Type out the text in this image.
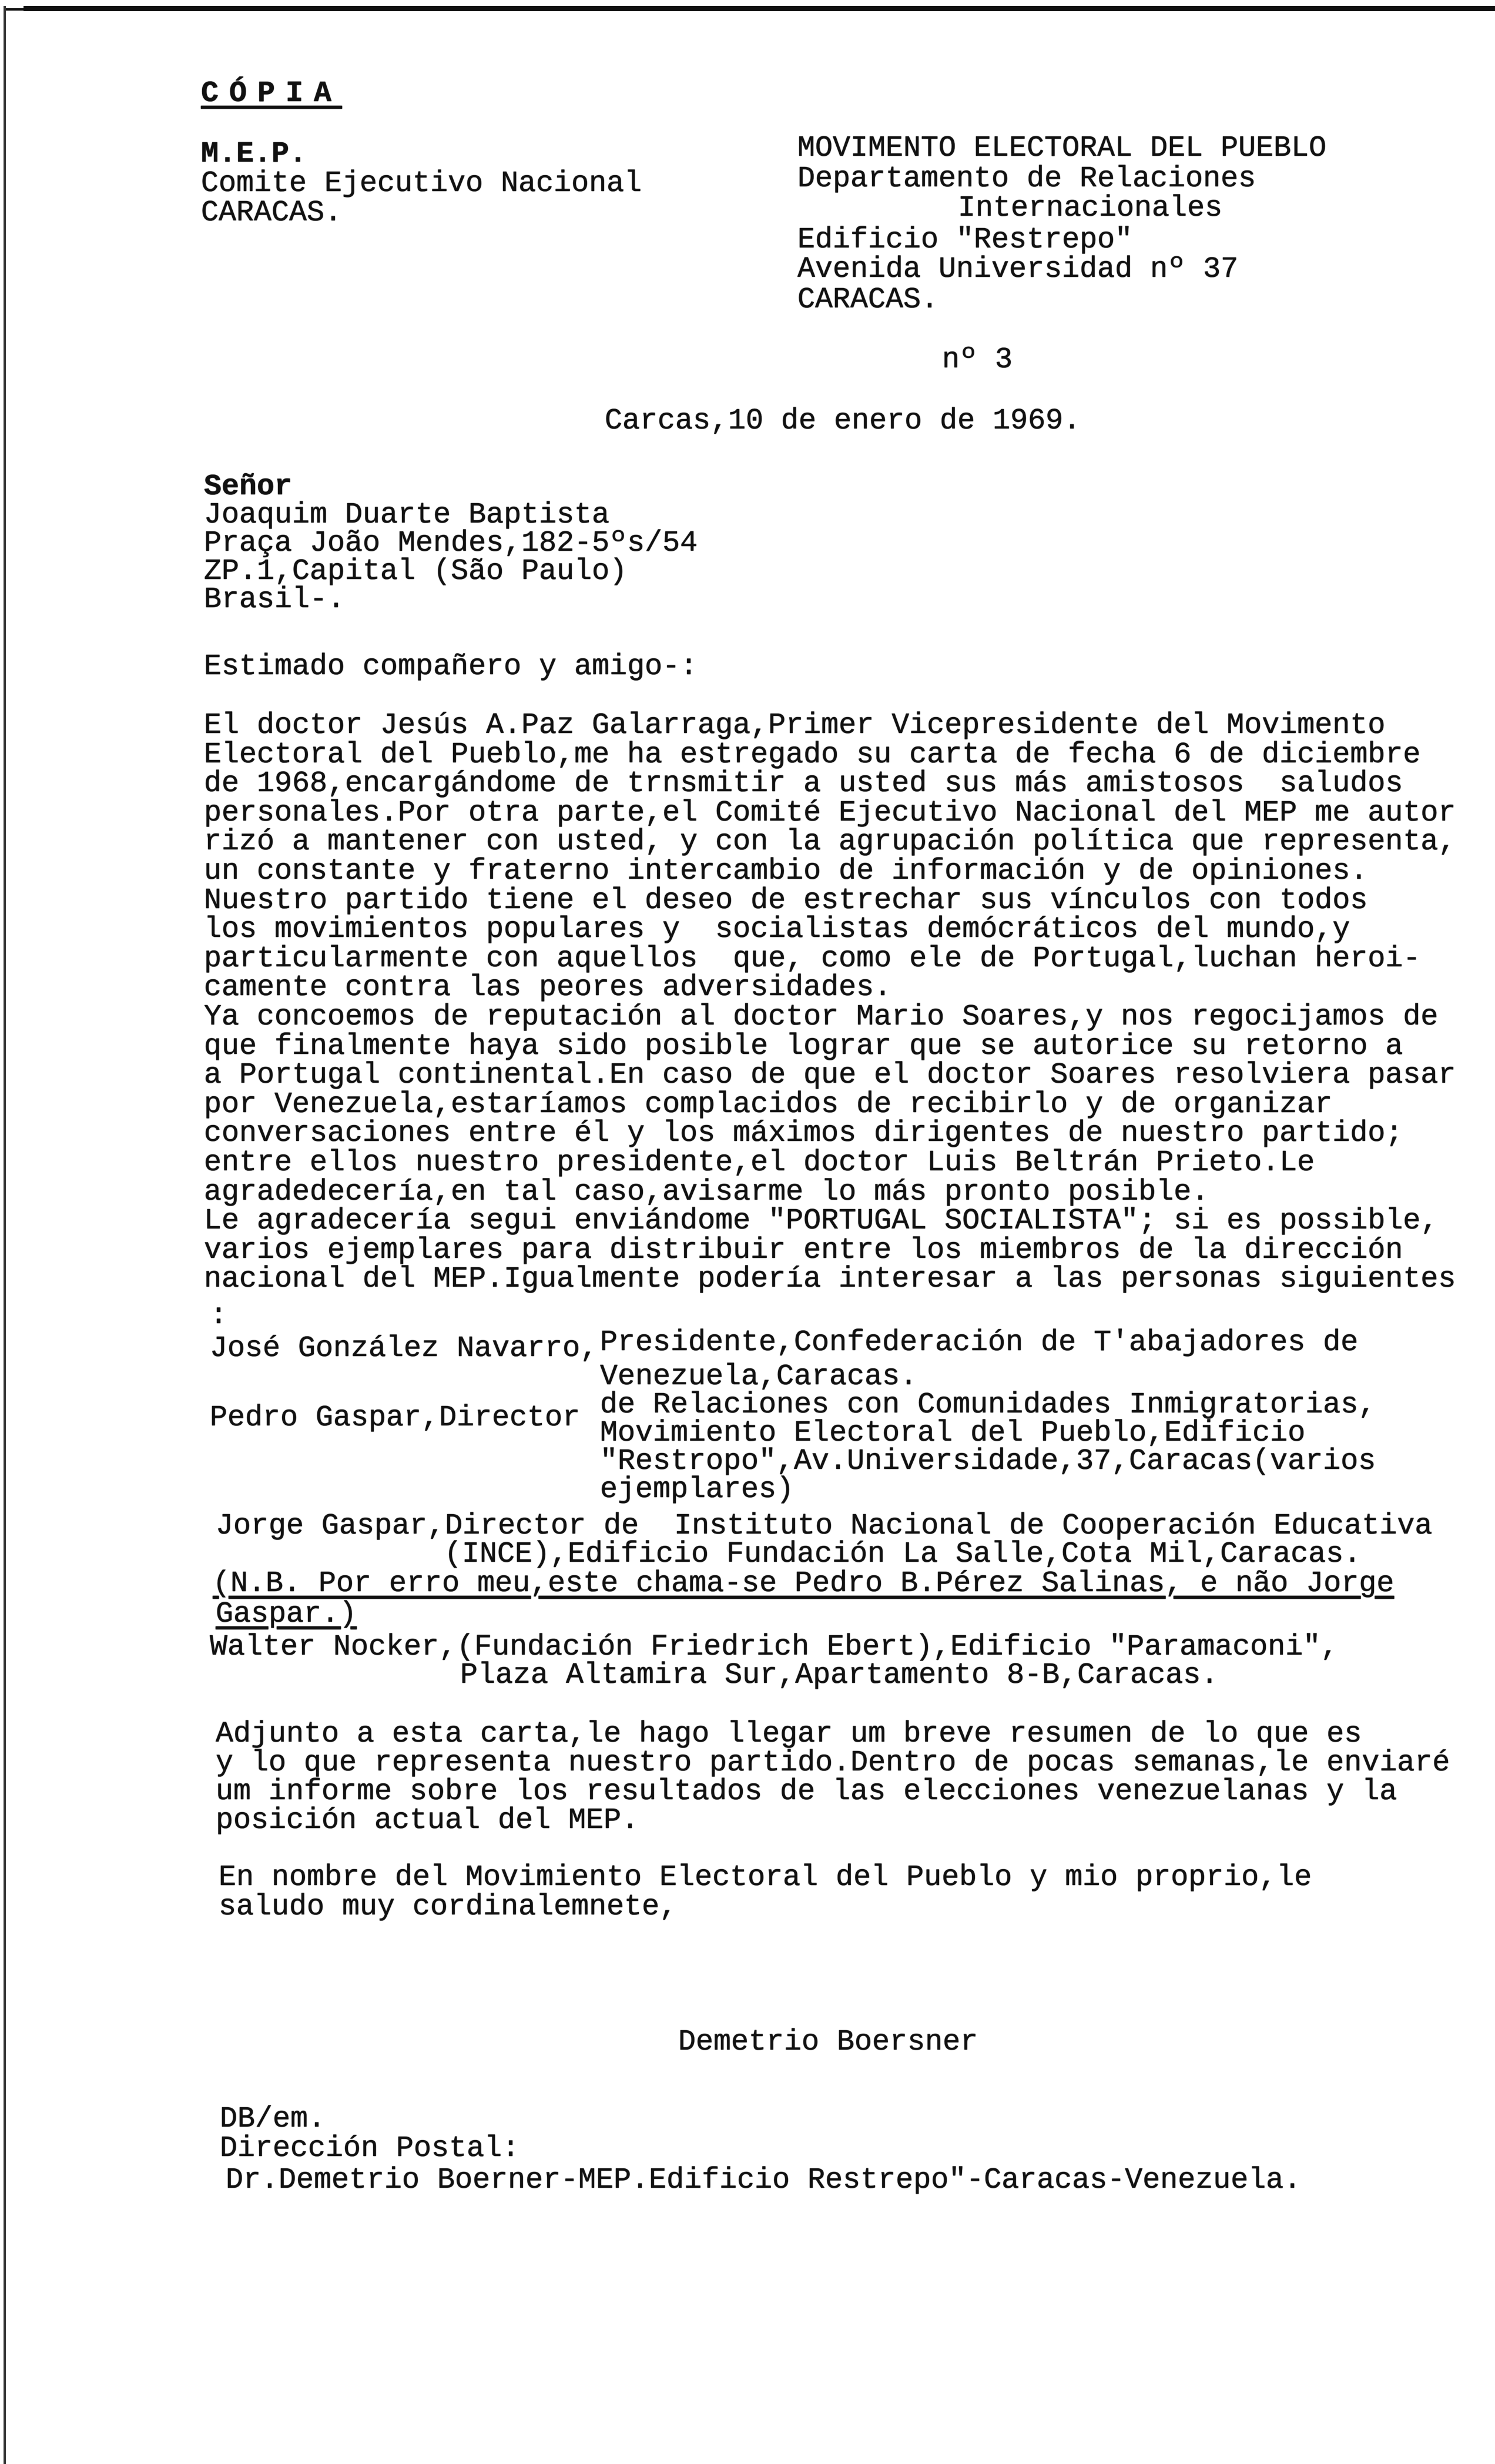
CÓPIA
M.E.P.
Comite Ejecutivo Nacional
CARACAS.
MOVIMENTO ELECTORAL DEL PUEBLO
Departamento de Relaciones
Internacionales
Edificio "Restrepo"
Avenida Universidad nº 37
CARACAS.
nº 3
Carcas,10 de enero de 1969.
Señor
Joaquim Duarte Baptista
Praça João Mendes,182-5ºs/54
ZP.1,Capital (São Paulo)
Brasil-.
Estimado compañero y amigo-:
El doctor Jesús A.Paz Galarraga,Primer Vicepresidente del Movimento
Electoral del Pueblo,me ha estregado su carta de fecha 6 de diciembre
de 1968,encargándome de trnsmitir a usted sus más amistosos  saludos
personales.Por otra parte,el Comité Ejecutivo Nacional del MEP me autor
rizó a mantener con usted, y con la agrupación política que representa,
un constante y fraterno intercambio de información y de opiniones.
Nuestro partido tiene el deseo de estrechar sus vínculos con todos
los movimientos populares y  socialistas demócráticos del mundo,y
particularmente con aquellos  que, como ele de Portugal,luchan heroi-
camente contra las peores adversidades.
Ya concoemos de reputación al doctor Mario Soares,y nos regocijamos de
que finalmente haya sido posible lograr que se autorice su retorno a
a Portugal continental.En caso de que el doctor Soares resolviera pasar
por Venezuela,estaríamos complacidos de recibirlo y de organizar
conversaciones entre él y los máximos dirigentes de nuestro partido;
entre ellos nuestro presidente,el doctor Luis Beltrán Prieto.Le
agradedecería,en tal caso,avisarme lo más pronto posible.
Le agradecería segui enviándome "PORTUGAL SOCIALISTA"; si es possible,
varios ejemplares para distribuir entre los miembros de la dirección
nacional del MEP.Igualmente podería interesar a las personas siguientes
:
José González Navarro, Presidente,Confederación de T'abajadores de
Venezuela,Caracas.
Pedro Gaspar,Director de Relaciones con Comunidades Inmigratorias,
Movimiento Electoral del Pueblo,Edificio
"Restropo",Av.Universidade,37,Caracas(varios
ejemplares)
Jorge Gaspar,Director de  Instituto Nacional de Cooperación Educativa
(INCE),Edificio Fundación La Salle,Cota Mil,Caracas.
(N.B. Por erro meu,este chama-se Pedro B.Pérez Salinas, e não Jorge
Gaspar.)
Walter Nocker,(Fundación Friedrich Ebert),Edificio "Paramaconi",
Plaza Altamira Sur,Apartamento 8-B,Caracas.
Adjunto a esta carta,le hago llegar um breve resumen de lo que es
y lo que representa nuestro partido.Dentro de pocas semanas,le enviaré
um informe sobre los resultados de las elecciones venezuelanas y la
posición actual del MEP.
En nombre del Movimiento Electoral del Pueblo y mio proprio,le
saludo muy cordinalemnete,
Demetrio Boersner
DB/em.
Dirección Postal:
Dr.Demetrio Boerner-MEP.Edificio Restrepo"-Caracas-Venezuela.
